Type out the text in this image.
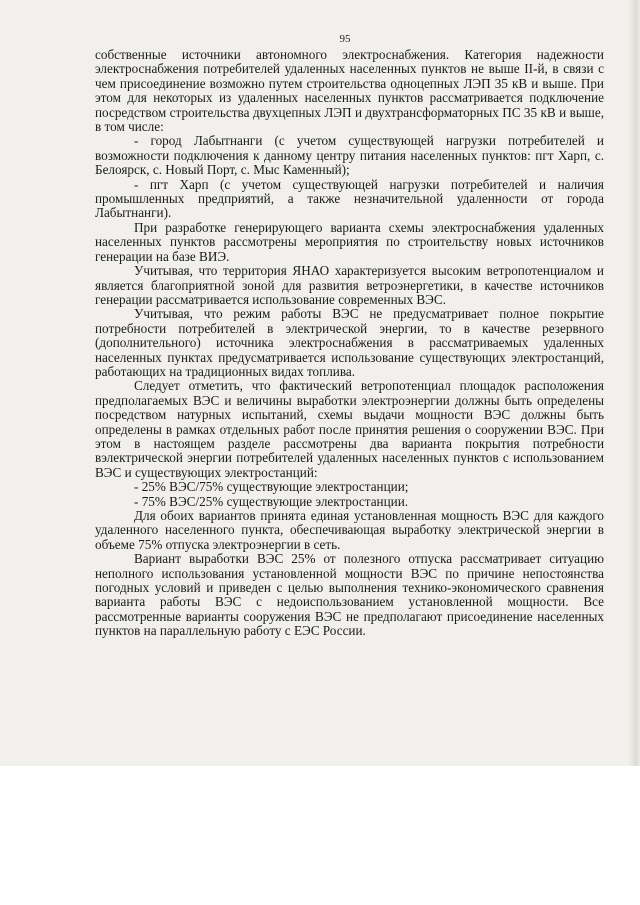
95

собственные источники автономного электроснабжения. Категория надежности электроснабжения потребителей удаленных населенных пунктов не выше II-й, в связи с чем присоединение возможно путем строительства одноцепных ЛЭП 35 кВ и выше. При этом для некоторых из удаленных населенных пунктов рассматривается подключение посредством строительства двухцепных ЛЭП и двухтрансформаторных ПС 35 кВ и выше, в том числе:

- город Лабытнанги (с учетом существующей нагрузки потребителей и возможности подключения к данному центру питания населенных пунктов: пгт Харп, с. Белоярск, с. Новый Порт, с. Мыс Каменный);

- пгт Харп (с учетом существующей нагрузки потребителей и наличия промышленных предприятий, а также незначительной удаленности от города Лабытнанги).

При разработке генерирующего варианта схемы электроснабжения удаленных населенных пунктов рассмотрены мероприятия по строительству новых источников генерации на базе ВИЭ.

Учитывая, что территория ЯНАО характеризуется высоким ветропотенциалом и является благоприятной зоной для развития ветроэнергетики, в качестве источников генерации рассматривается использование современных ВЭС.

Учитывая, что режим работы ВЭС не предусматривает полное покрытие потребности потребителей в электрической энергии, то в качестве резервного (дополнительного) источника электроснабжения в рассматриваемых удаленных населенных пунктах предусматривается использование существующих электростанций, работающих на традиционных видах топлива.

Следует отметить, что фактический ветропотенциал площадок расположения предполагаемых ВЭС и величины выработки электроэнергии должны быть определены посредством натурных испытаний, схемы выдачи мощности ВЭС должны быть определены в рамках отдельных работ после принятия решения о сооружении ВЭС. При этом в настоящем разделе рассмотрены два варианта покрытия потребности вэлектрической энергии потребителей удаленных населенных пунктов с использованием ВЭС и существующих электростанций:

- 25% ВЭС/75% существующие электростанции;

- 75% ВЭС/25% существующие электростанции.

Для обоих вариантов принята единая установленная мощность ВЭС для каждого удаленного населенного пункта, обеспечивающая выработку электрической энергии в объеме 75% отпуска электроэнергии в сеть.

Вариант выработки ВЭС 25% от полезного отпуска рассматривает ситуацию неполного использования установленной мощности ВЭС по причине непостоянства погодных условий и приведен с целью выполнения технико-экономического сравнения варианта работы ВЭС с недоиспользованием установленной мощности. Все рассмотренные варианты сооружения ВЭС не предполагают присоединение населенных пунктов на параллельную работу с ЕЭС России.
